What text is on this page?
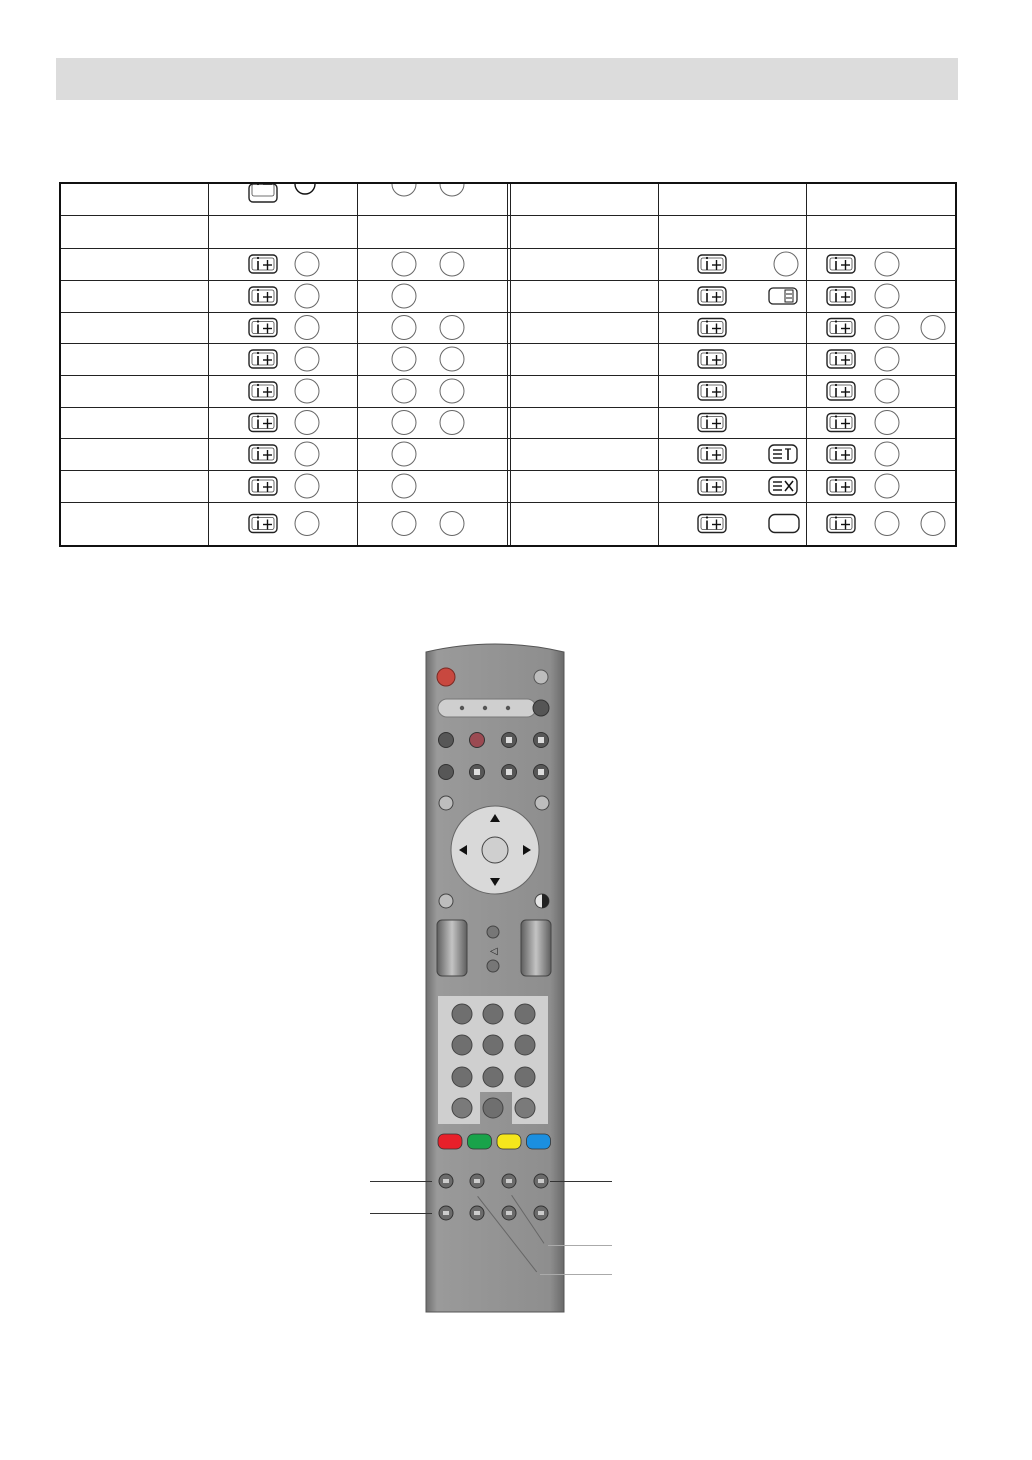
◁
